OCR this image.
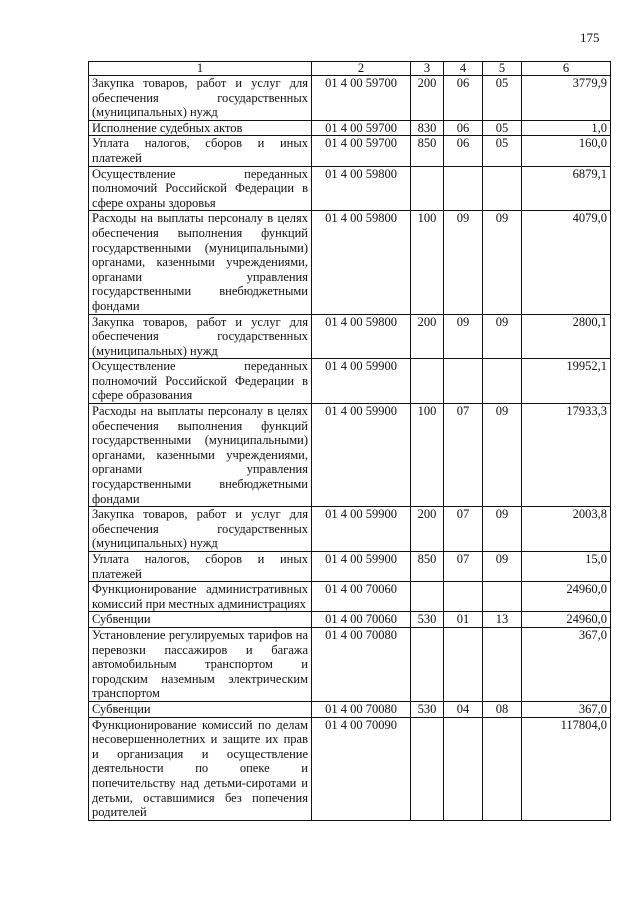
175
1	2	3	4	5	6
Закупка товаров, работ и услуг для обеспечения государственных (муниципальных) нужд	01 4 00 59700	200	06	05	3779,9
Исполнение судебных актов	01 4 00 59700	830	06	05	1,0
Уплата налогов, сборов и иных платежей	01 4 00 59700	850	06	05	160,0
Осуществление переданных полномочий Российской Федерации в сфере охраны здоровья	01 4 00 59800				6879,1
Расходы на выплаты персоналу в целях обеспечения выполнения функций государственными (муниципальными) органами, казенными учреждениями, органами управления государственными внебюджетными фондами	01 4 00 59800	100	09	09	4079,0
Закупка товаров, работ и услуг для обеспечения государственных (муниципальных) нужд	01 4 00 59800	200	09	09	2800,1
Осуществление переданных полномочий Российской Федерации в сфере образования	01 4 00 59900				19952,1
Расходы на выплаты персоналу в целях обеспечения выполнения функций государственными (муниципальными) органами, казенными учреждениями, органами управления государственными внебюджетными фондами	01 4 00 59900	100	07	09	17933,3
Закупка товаров, работ и услуг для обеспечения государственных (муниципальных) нужд	01 4 00 59900	200	07	09	2003,8
Уплата налогов, сборов и иных платежей	01 4 00 59900	850	07	09	15,0
Функционирование административных комиссий при местных администрациях	01 4 00 70060				24960,0
Субвенции	01 4 00 70060	530	01	13	24960,0
Установление регулируемых тарифов на перевозки пассажиров и багажа автомобильным транспортом и городским наземным электрическим транспортом	01 4 00 70080				367,0
Субвенции	01 4 00 70080	530	04	08	367,0
Функционирование комиссий по делам несовершеннолетних и защите их прав и организация и осуществление деятельности по опеке и попечительству над детьми-сиротами и детьми, оставшимися без попечения родителей	01 4 00 70090				117804,0
